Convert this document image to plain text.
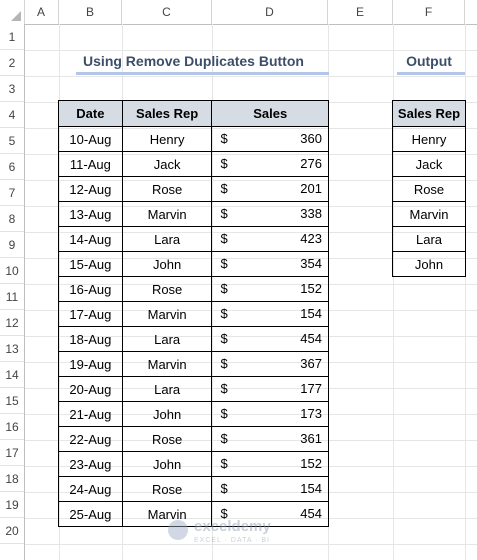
A	B	C	D	E	F
1
2
3
4
5
6
7
8
9
10
11
12
13
14
15
16
17
18
19
20
Using Remove Duplicates Button	Output
Date	Sales Rep	Sales
10-Aug	Henry	$ 360

11-Aug	Jack	$ 276

12-Aug	Rose	$ 201

13-Aug	Marvin	$ 338

14-Aug	Lara	$ 423

15-Aug	John	$ 354

16-Aug	Rose	$ 152

17-Aug	Marvin	$ 154

18-Aug	Lara	$ 454

19-Aug	Marvin	$ 367

20-Aug	Lara	$ 177

21-Aug	John	$ 173

22-Aug	Rose	$ 361

23-Aug	John	$ 152

24-Aug	Rose	$ 154

25-Aug	Marvin	$ 454
Sales Rep
Henry
Jack
Rose
Marvin
Lara
John
exceldemy
EXCEL · DATA · BI
